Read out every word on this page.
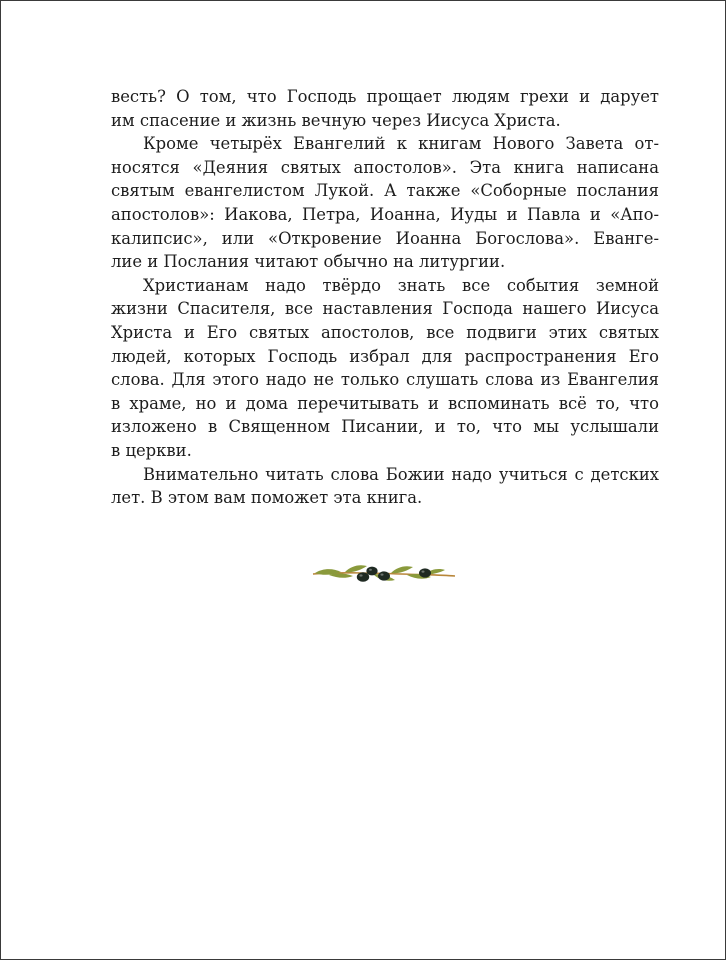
весть? О том, что Господь прощает людям грехи и дарует
им спасение и жизнь вечную через Иисуса Христа.

Кроме четырёх Евангелий к книгам Нового Завета от-
носятся «Деяния святых апостолов». Эта книга написана
святым евангелистом Лукой. А также «Соборные послания
апостолов»: Иакова, Петра, Иоанна, Иуды и Павла и «Апо-
калипсис», или «Откровение Иоанна Богослова». Еванге-
лие и Послания читают обычно на литургии.

Христианам надо твёрдо знать все события земной
жизни Спасителя, все наставления Господа нашего Иисуса
Христа и Его святых апостолов, все подвиги этих святых
людей, которых Господь избрал для распространения Его
слова. Для этого надо не только слушать слова из Евангелия
в храме, но и дома перечитывать и вспоминать всё то, что
изложено в Священном Писании, и то, что мы услышали
в церкви.

Внимательно читать слова Божии надо учиться с детских
лет. В этом вам поможет эта книга.
